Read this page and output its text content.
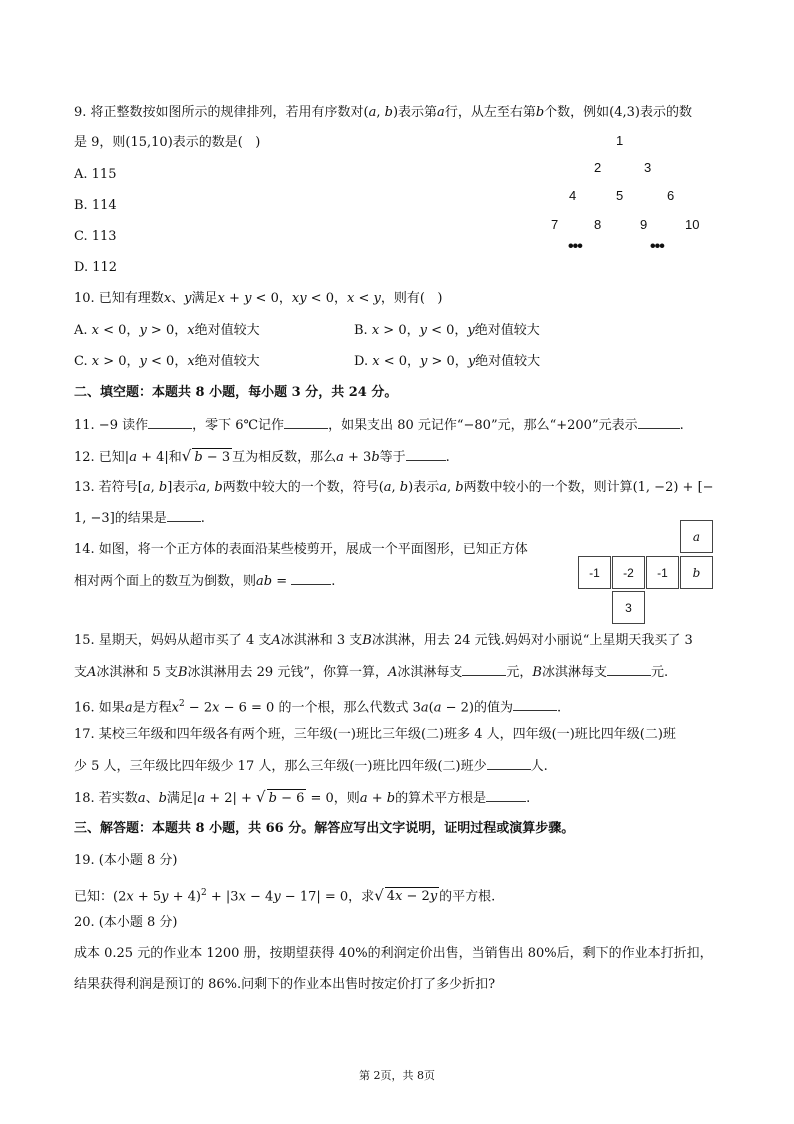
9. 将正整数按如图所示的规律排列，若用有序数对(a, b)表示第a行，从左至右第b个数，例如(4,3)表示的数
是 9，则(15,10)表示的数是(   )
A. 115
B. 114
C. 113
D. 112
1
2	3
4	5	6
7	8	9	10
•••	•••
10. 已知有理数x、y满足x + y < 0，xy < 0，x < y，则有(   )
A. x < 0，y > 0，x绝对值较大	B. x > 0，y < 0，y绝对值较大
C. x > 0，y < 0，x绝对值较大	D. x < 0，y > 0，y绝对值较大
二、填空题：本题共 8 小题，每小题 3 分，共 24 分。
11. −9 读作	，零下 6℃记作	，如果支出 80 元记作“−80”元，那么“+200”元表示	.
12. 已知|a + 4|和√ b − 3 互为相反数，那么a + 3b等于	.
13. 若符号[a, b]表示a, b两数中较大的一个数，符号(a, b)表示a, b两数中较小的一个数，则计算(1, −2) + [−
1, −3]的结果是	.
14. 如图，将一个正方体的表面沿某些棱剪开，展成一个平面图形，已知正方体
相对两个面上的数互为倒数，则ab =	.
a
-1	-2	-1	b
3
15. 星期天，妈妈从超市买了 4 支A冰淇淋和 3 支B冰淇淋，用去 24 元钱.妈妈对小丽说“上星期天我买了 3
支A冰淇淋和 5 支B冰淇淋用去 29 元钱”，你算一算，A冰淇淋每支	元，B冰淇淋每支	元.
16. 如果a是方程$x^2 - 2x - 6 = 0$ 的一个根，那么代数式 3a(a − 2)的值为	.
17. 某校三年级和四年级各有两个班，三年级(一)班比三年级(二)班多 4 人，四年级(一)班比四年级(二)班
少 5 人，三年级比四年级少 17 人，那么三年级(一)班比四年级(二)班少	人.
18. 若实数a、b满足|a + 2| + √ b − 6 = 0，则a + b的算术平方根是	.
三、解答题：本题共 8 小题，共 66 分。解答应写出文字说明，证明过程或演算步骤。
19. (本小题 8 分)
已知：$(2x + 5y + 4)^2 + |3x - 4y - 17| = 0$，求√ 4x − 2y 的平方根.
20. (本小题 8 分)
成本 0.25 元的作业本 1200 册，按期望获得 40%的利润定价出售，当销售出 80%后，剩下的作业本打折扣，
结果获得利润是预订的 86%.问剩下的作业本出售时按定价打了多少折扣?
第 2页，共 8页
